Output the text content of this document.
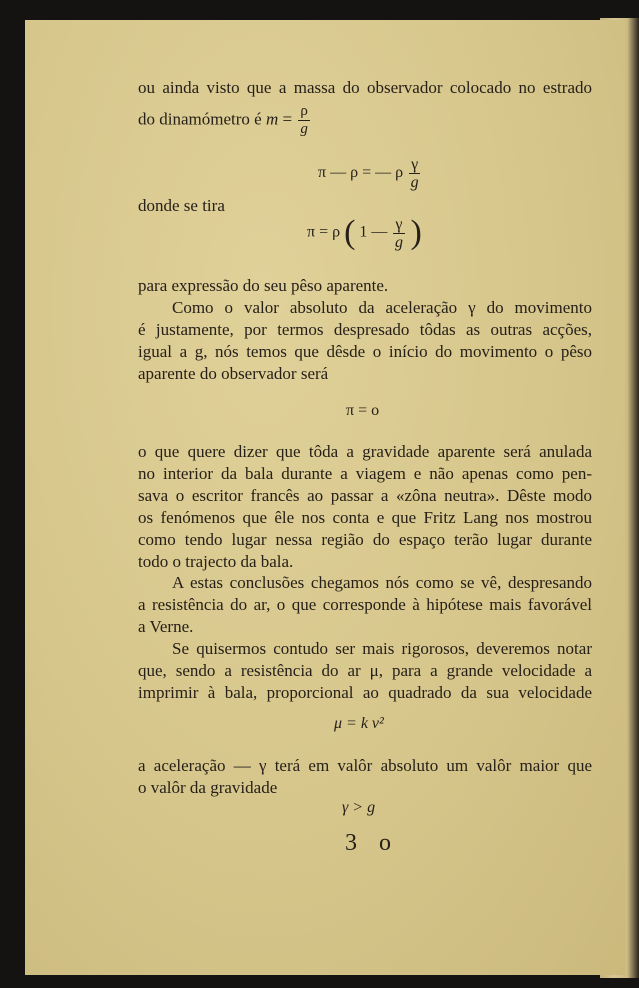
ou ainda visto que a massa do observador colocado no estrado
do dinamómetro é $m = \frac{\rho}{g}$
π — ρ = — ρ $\frac{\gamma}{g}$
donde se tira
π = ρ ( 1 — $\frac{\gamma}{g}$ )
para expressão do seu pêso aparente.
Como o valor absoluto da aceleração γ do movimento
é justamente, por termos despresado tôdas as outras acções,
igual a g, nós temos que dêsde o início do movimento o pêso
aparente do observador será
π = o
o que quere dizer que tôda a gravidade aparente será anulada
no interior da bala durante a viagem e não apenas como pen-
sava o escritor francês ao passar a «zôna neutra». Dêste modo
os fenómenos que êle nos conta e que Fritz Lang nos mostrou
como tendo lugar nessa região do espaço terão lugar durante
todo o trajecto da bala.
A estas conclusões chegamos nós como se vê, despresando
a resistência do ar, o que corresponde à hipótese mais favorável
a Verne.
Se quisermos contudo ser mais rigorosos, deveremos notar
que, sendo a resistência do ar μ, para a grande velocidade a
imprimir à bala, proporcional ao quadrado da sua velocidade
μ = k v²
a aceleração — γ terá em valôr absoluto um valôr maior que
o valôr da gravidade
γ > g
3 o
